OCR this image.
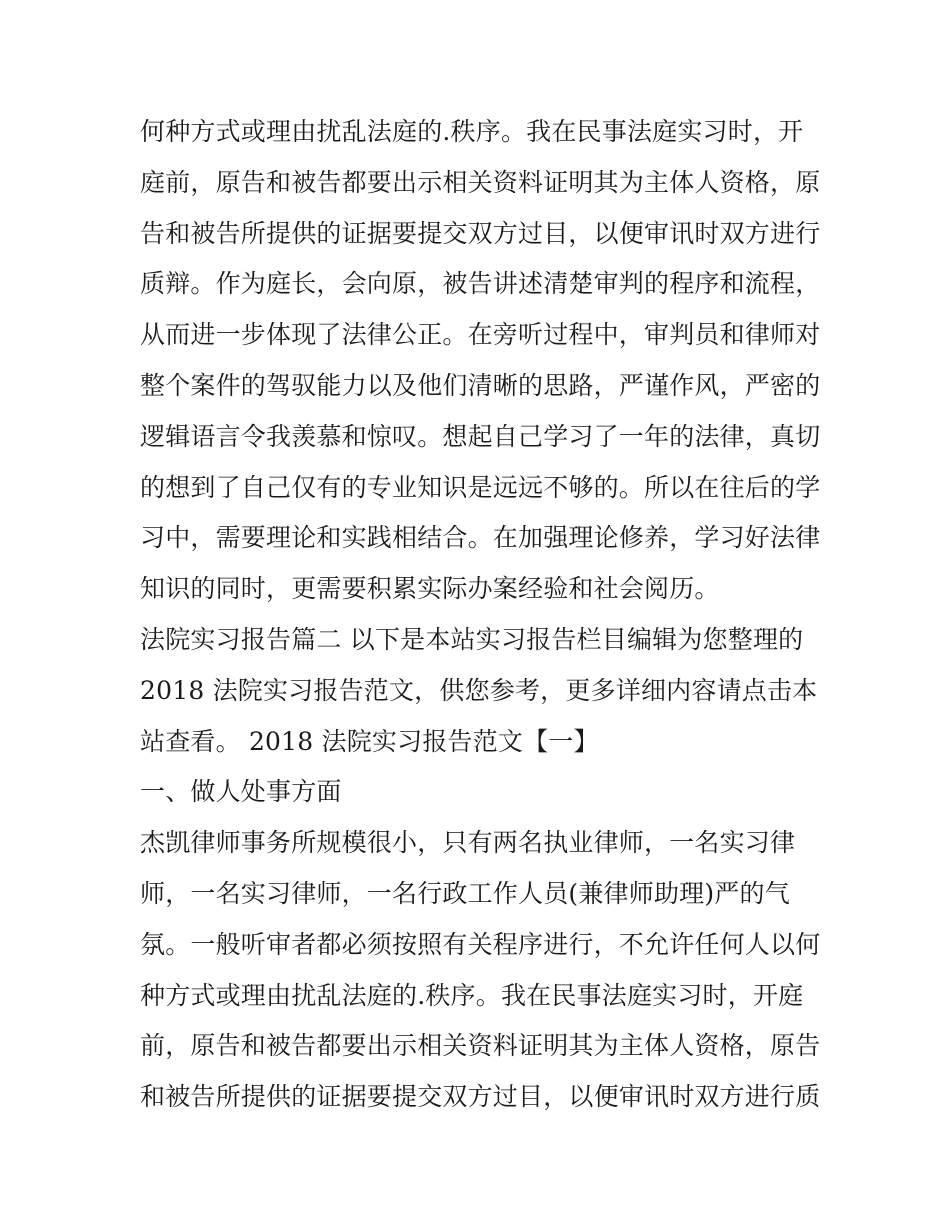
何种方式或理由扰乱法庭的.秩序。我在民事法庭实习时，开
庭前，原告和被告都要出示相关资料证明其为主体人资格，原
告和被告所提供的证据要提交双方过目，以便审讯时双方进行
质辩。作为庭长，会向原，被告讲述清楚审判的程序和流程，
从而进一步体现了法律公正。在旁听过程中，审判员和律师对
整个案件的驾驭能力以及他们清晰的思路，严谨作风，严密的
逻辑语言令我羡慕和惊叹。想起自己学习了一年的法律，真切
的想到了自己仅有的专业知识是远远不够的。所以在往后的学
习中，需要理论和实践相结合。在加强理论修养，学习好法律
知识的同时，更需要积累实际办案经验和社会阅历。
法院实习报告篇二 以下是本站实习报告栏目编辑为您整理的
2018 法院实习报告范文，供您参考，更多详细内容请点击本
站查看。 2018 法院实习报告范文【一】
一、做人处事方面
杰凯律师事务所规模很小，只有两名执业律师，一名实习律
师，一名实习律师，一名行政工作人员(兼律师助理)严的气
氛。一般听审者都必须按照有关程序进行，不允许任何人以何
种方式或理由扰乱法庭的.秩序。我在民事法庭实习时，开庭
前，原告和被告都要出示相关资料证明其为主体人资格，原告
和被告所提供的证据要提交双方过目，以便审讯时双方进行质
